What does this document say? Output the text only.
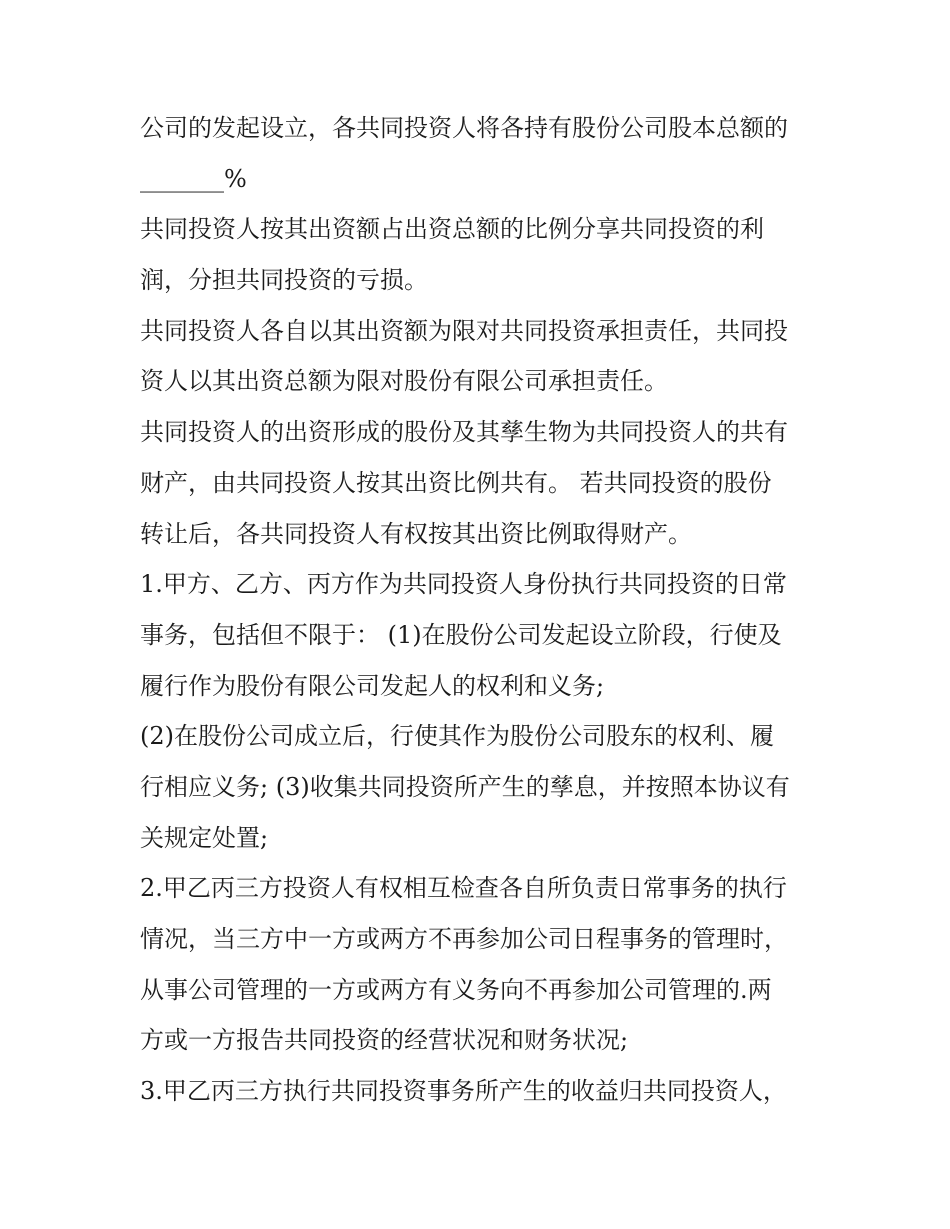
公司的发起设立，各共同投资人将各持有股份公司股本总额的
_______%
共同投资人按其出资额占出资总额的比例分享共同投资的利
润，分担共同投资的亏损。
共同投资人各自以其出资额为限对共同投资承担责任，共同投
资人以其出资总额为限对股份有限公司承担责任。
共同投资人的出资形成的股份及其孳生物为共同投资人的共有
财产，由共同投资人按其出资比例共有。 若共同投资的股份
转让后，各共同投资人有权按其出资比例取得财产。
1.甲方、乙方、丙方作为共同投资人身份执行共同投资的日常
事务，包括但不限于： (1)在股份公司发起设立阶段，行使及
履行作为股份有限公司发起人的权利和义务;
(2)在股份公司成立后，行使其作为股份公司股东的权利、履
行相应义务; (3)收集共同投资所产生的孳息，并按照本协议有
关规定处置;
2.甲乙丙三方投资人有权相互检查各自所负责日常事务的执行
情况，当三方中一方或两方不再参加公司日程事务的管理时，
从事公司管理的一方或两方有义务向不再参加公司管理的.两
方或一方报告共同投资的经营状况和财务状况;
3.甲乙丙三方执行共同投资事务所产生的收益归共同投资人，
